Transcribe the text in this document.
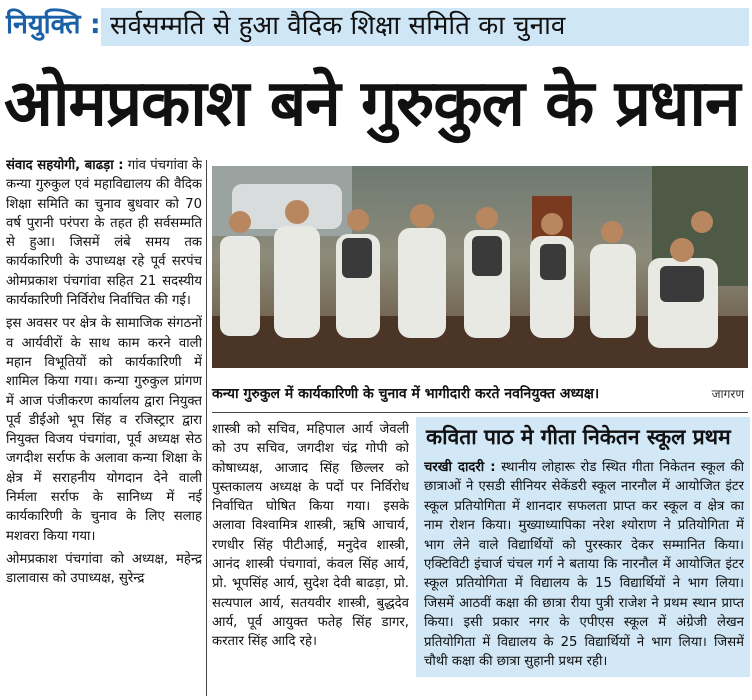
नियुक्ति : सर्वसम्मति से हुआ वैदिक शिक्षा समिति का चुनाव
ओमप्रकाश बने गुरुकुल के प्रधान

संवाद सहयोगी, बाढड़ा : गांव पंचगांवा के कन्या गुरुकुल एवं महाविद्यालय की वैदिक शिक्षा समिति का चुनाव बुधवार को 70 वर्ष पुरानी परंपरा के तहत ही सर्वसम्मति से हुआ। जिसमें लंबे समय तक कार्यकारिणी के उपाध्यक्ष रहे पूर्व सरपंच ओमप्रकाश पंचगांवा सहित 21 सदस्यीय कार्यकारिणी निर्विरोध निर्वाचित की गई।

इस अवसर पर क्षेत्र के सामाजिक संगठनों व आर्यवीरों के साथ काम करने वाली महान विभूतियों को कार्यकारिणी में शामिल किया गया। कन्या गुरुकुल प्रांगण में आज पंजीकरण कार्यालय द्वारा नियुक्त पूर्व डीईओ भूप सिंह व रजिस्ट्रार द्वारा नियुक्त विजय पंचगांवा, पूर्व अध्यक्ष सेठ जगदीश सर्राफ के अलावा कन्या शिक्षा के क्षेत्र में सराहनीय योगदान देने वाली निर्मला सर्राफ के सानिध्य में नई कार्यकारिणी के चुनाव के लिए सलाह मशवरा किया गया।

ओमप्रकाश पंचगांवा को अध्यक्ष, महेन्द्र डालावास को उपाध्यक्ष, सुरेन्द्र

कन्या गुरुकुल में कार्यकारिणी के चुनाव में भागीदारी करते नवनियुक्त अध्यक्ष।	जागरण

शास्त्री को सचिव, महिपाल आर्य जेवली को उप सचिव, जगदीश चंद्र गोपी को कोषाध्यक्ष, आजाद सिंह छिल्लर को पुस्तकालय अध्यक्ष के पदों पर निर्विरोध निर्वाचित घोषित किया गया। इसके अलावा विश्वामित्र शास्त्री, ऋषि आचार्य, रणधीर सिंह पीटीआई, मनुदेव शास्त्री, आनंद शास्त्री पंचगावां, कंवल सिंह आर्य, प्रो. भूपसिंह आर्य, सुदेश देवी बाढड़ा, प्रो. सत्यपाल आर्य, सतयवीर शास्त्री, बुद्धदेव आर्य, पूर्व आयुक्त फतेह सिंह डागर, करतार सिंह आदि रहे।

कविता पाठ मे गीता निकेतन स्कूल प्रथम
चरखी दादरी : स्थानीय लोहारू रोड स्थित गीता निकेतन स्कूल की छात्राओं ने एसडी सीनियर सेकेंडरी स्कूल नारनौल में आयोजित इंटर स्कूल प्रतियोगिता में शानदार सफलता प्राप्त कर स्कूल व क्षेत्र का नाम रोशन किया। मुख्याध्यापिका नरेश श्योराण ने प्रतियोगिता में भाग लेने वाले विद्यार्थियों को पुरस्कार देकर सम्मानित किया। एक्टिविटी इंचार्ज चंचल गर्ग ने बताया कि नारनौल में आयोजित इंटर स्कूल प्रतियोगिता में विद्यालय के 15 विद्यार्थियों ने भाग लिया। जिसमें आठवीं कक्षा की छात्रा रीया पुत्री राजेश ने प्रथम स्थान प्राप्त किया। इसी प्रकार नगर के एपीएस स्कूल में अंग्रेजी लेखन प्रतियोगिता में विद्यालय के 25 विद्यार्थियों ने भाग लिया। जिसमें चौथी कक्षा की छात्रा सुहानी प्रथम रही।
